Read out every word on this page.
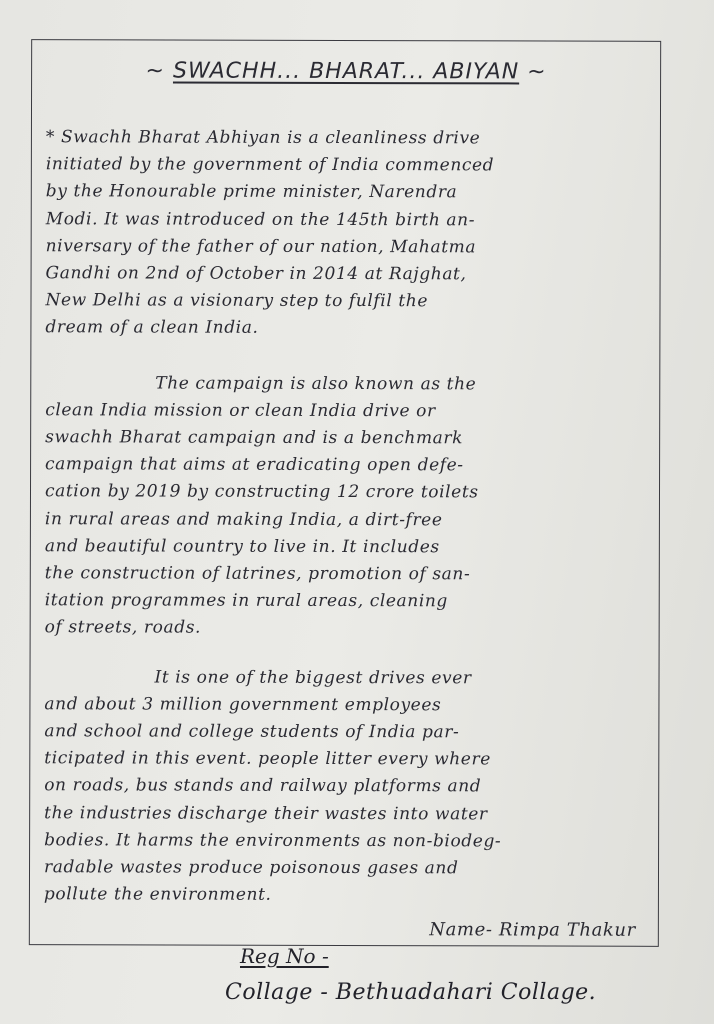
~ SWACHH... BHARAT... ABIYAN ~

* Swachh Bharat Abhiyan is a cleanliness drive
initiated by the government of India commenced
by the Honourable prime minister, Narendra
Modi. It was introduced on the 145th birth an-
niversary of the father of our nation, Mahatma
Gandhi on 2nd of October in 2014 at Rajghat,
New Delhi as a visionary step to fulfil the
dream of a clean India.

The campaign is also known as the
clean India mission or clean India drive or
swachh Bharat campaign and is a benchmark
campaign that aims at eradicating open defe-
cation by 2019 by constructing 12 crore toilets
in rural areas and making India, a dirt-free
and beautiful country to live in. It includes
the construction of latrines, promotion of san-
itation programmes in rural areas, cleaning
of streets, roads.

It is one of the biggest drives ever
and about 3 million government employees
and school and college students of India par-
ticipated in this event. people litter every where
on roads, bus stands and railway platforms and
the industries discharge their wastes into water
bodies. It harms the environments as non-biodeg-
radable wastes produce poisonous gases and
pollute the environment.

Name- Rimpa Thakur
Reg No -
Collage - Bethuadahari Collage.
